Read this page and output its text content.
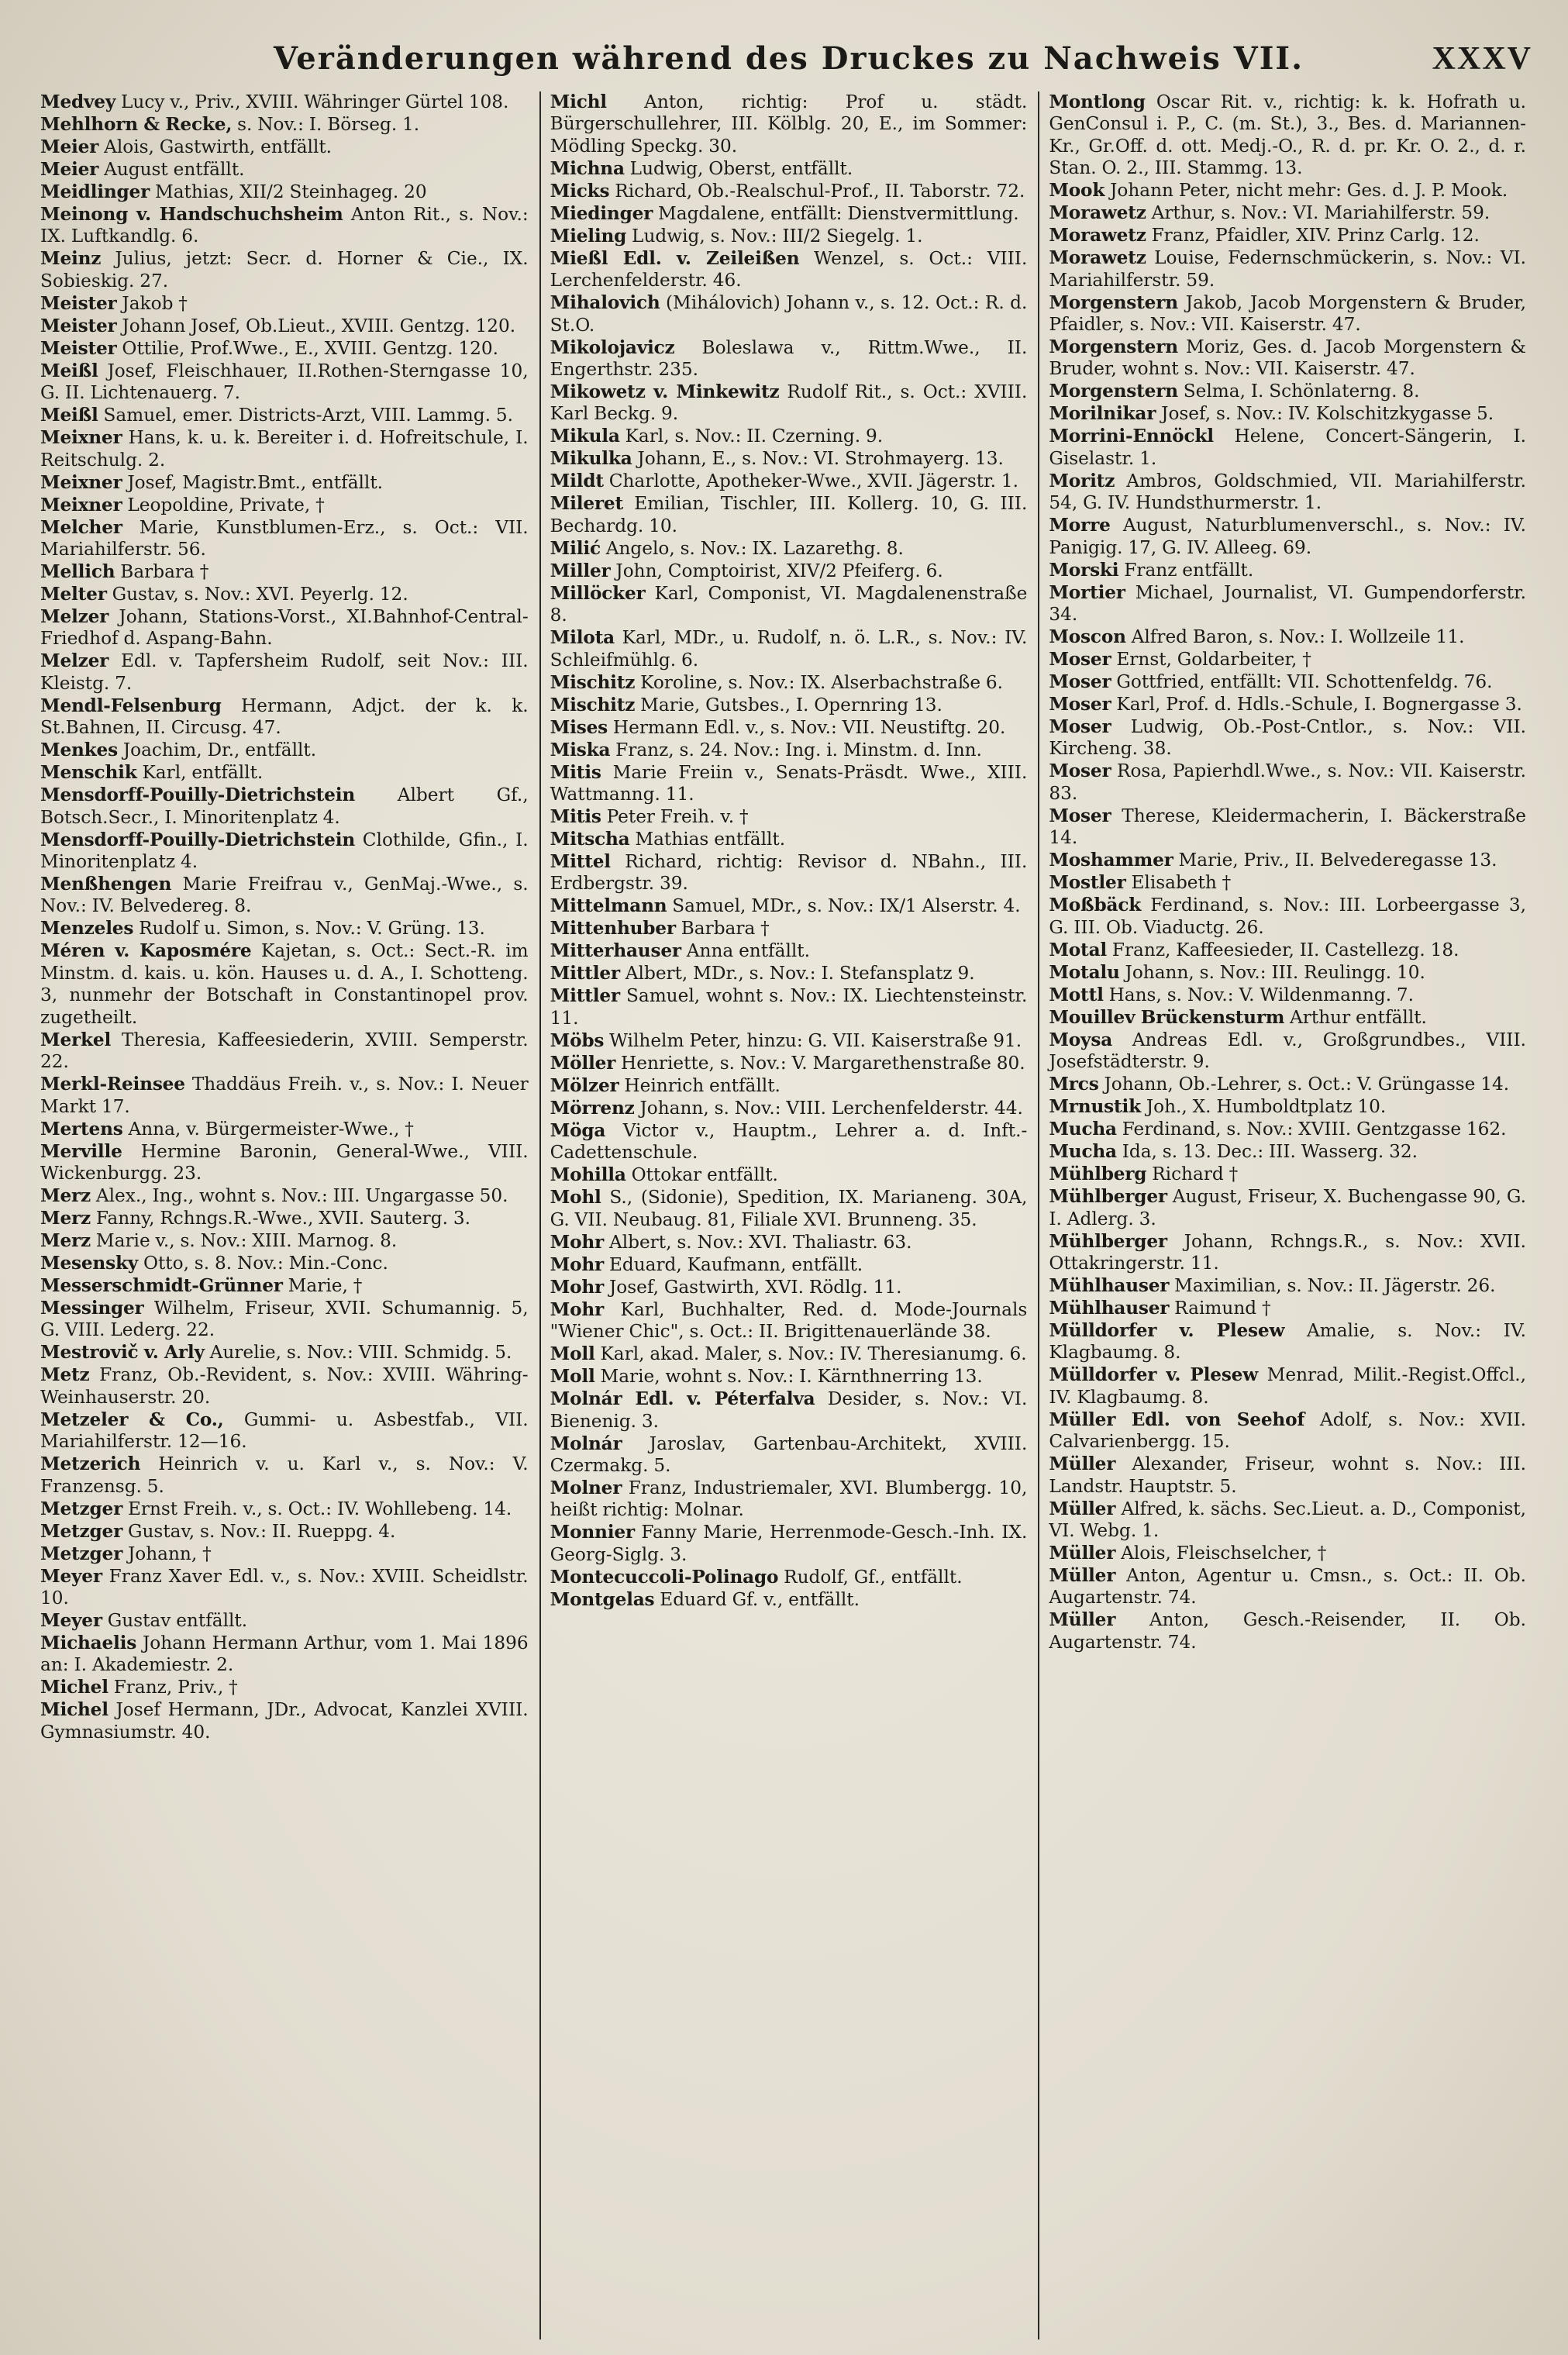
Veränderungen während des Druckes zu Nachweis VII.	XXXV
Medvey Lucy v., Priv., XVIII. Währinger Gürtel 108.
Mehlhorn & Recke, s. Nov.: I. Börseg. 1.
Meier Alois, Gastwirth, entfällt.
Meier August entfällt.
Meidlinger Mathias, XII/2 Steinhageg. 20
Meinong v. Handschuchsheim Anton Rit., s. Nov.: IX. Luftkandlg. 6.
Meinz Julius, jetzt: Secr. d. Horner & Cie., IX. Sobieskig. 27.
Meister Jakob †
Meister Johann Josef, Ob.Lieut., XVIII. Gentzg. 120.
Meister Ottilie, Prof.Wwe., E., XVIII. Gentzg. 120.
Meißl Josef, Fleischhauer, II.Rothen-Sterngasse 10, G. II. Lichtenauerg. 7.
Meißl Samuel, emer. Districts-Arzt, VIII. Lammg. 5.
Meixner Hans, k. u. k. Bereiter i. d. Hofreitschule, I. Reitschulg. 2.
Meixner Josef, Magistr.Bmt., entfällt.
Meixner Leopoldine, Private, †
Melcher Marie, Kunstblumen-Erz., s. Oct.: VII. Mariahilferstr. 56.
Mellich Barbara †
Melter Gustav, s. Nov.: XVI. Peyerlg. 12.
Melzer Johann, Stations-Vorst., XI.Bahnhof-Central-Friedhof d. Aspang-Bahn.
Melzer Edl. v. Tapfersheim Rudolf, seit Nov.: III. Kleistg. 7.
Mendl-Felsenburg Hermann, Adjct. der k. k. St.Bahnen, II. Circusg. 47.
Menkes Joachim, Dr., entfällt.
Menschik Karl, entfällt.
Mensdorff-Pouilly-Dietrichstein Albert Gf., Botsch.Secr., I. Minoritenplatz 4.
Mensdorff-Pouilly-Dietrichstein Clothilde, Gfin., I. Minoritenplatz 4.
Menßhengen Marie Freifrau v., GenMaj.-Wwe., s. Nov.: IV. Belvedereg. 8.
Menzeles Rudolf u. Simon, s. Nov.: V. Grüng. 13.
Méren v. Kaposmére Kajetan, s. Oct.: Sect.-R. im Minstm. d. kais. u. kön. Hauses u. d. A., I. Schotteng. 3, nunmehr der Botschaft in Constantinopel prov. zugetheilt.
Merkel Theresia, Kaffeesiederin, XVIII. Semperstr. 22.
Merkl-Reinsee Thaddäus Freih. v., s. Nov.: I. Neuer Markt 17.
Mertens Anna, v. Bürgermeister-Wwe., †
Merville Hermine Baronin, General-Wwe., VIII. Wickenburgg. 23.
Merz Alex., Ing., wohnt s. Nov.: III. Ungargasse 50.
Merz Fanny, Rchngs.R.-Wwe., XVII. Sauterg. 3.
Merz Marie v., s. Nov.: XIII. Marnog. 8.
Mesensky Otto, s. 8. Nov.: Min.-Conc.
Messerschmidt-Grünner Marie, †
Messinger Wilhelm, Friseur, XVII. Schumannig. 5, G. VIII. Lederg. 22.
Mestrovič v. Arly Aurelie, s. Nov.: VIII. Schmidg. 5.
Metz Franz, Ob.-Revident, s. Nov.: XVIII. Währing-Weinhauserstr. 20.
Metzeler & Co., Gummi- u. Asbestfab., VII. Mariahilferstr. 12—16.
Metzerich Heinrich v. u. Karl v., s. Nov.: V. Franzensg. 5.
Metzger Ernst Freih. v., s. Oct.: IV. Wohllebeng. 14.
Metzger Gustav, s. Nov.: II. Rueppg. 4.
Metzger Johann, †
Meyer Franz Xaver Edl. v., s. Nov.: XVIII. Scheidlstr. 10.
Meyer Gustav entfällt.
Michaelis Johann Hermann Arthur, vom 1. Mai 1896 an: I. Akademiestr. 2.
Michel Franz, Priv., †
Michel Josef Hermann, JDr., Advocat, Kanzlei XVIII. Gymnasiumstr. 40.
Michl Anton, richtig: Prof u. städt. Bürgerschullehrer, III. Kölblg. 20, E., im Sommer: Mödling Speckg. 30.
Michna Ludwig, Oberst, entfällt.
Micks Richard, Ob.-Realschul-Prof., II. Taborstr. 72.
Miedinger Magdalene, entfällt: Dienstvermittlung.
Mieling Ludwig, s. Nov.: III/2 Siegelg. 1.
Mießl Edl. v. Zeileißen Wenzel, s. Oct.: VIII. Lerchenfelderstr. 46.
Mihalovich (Mihálovich) Johann v., s. 12. Oct.: R. d. St.O.
Mikolojavicz Boleslawa v., Rittm.Wwe., II. Engerthstr. 235.
Mikowetz v. Minkewitz Rudolf Rit., s. Oct.: XVIII. Karl Beckg. 9.
Mikula Karl, s. Nov.: II. Czerning. 9.
Mikulka Johann, E., s. Nov.: VI. Strohmayerg. 13.
Mildt Charlotte, Apotheker-Wwe., XVII. Jägerstr. 1.
Mileret Emilian, Tischler, III. Kollerg. 10, G. III. Bechardg. 10.
Milić Angelo, s. Nov.: IX. Lazarethg. 8.
Miller John, Comptoirist, XIV/2 Pfeiferg. 6.
Millöcker Karl, Componist, VI. Magdalenenstraße 8.
Milota Karl, MDr., u. Rudolf, n. ö. L.R., s. Nov.: IV. Schleifmühlg. 6.
Mischitz Koroline, s. Nov.: IX. Alserbachstraße 6.
Mischitz Marie, Gutsbes., I. Opernring 13.
Mises Hermann Edl. v., s. Nov.: VII. Neustiftg. 20.
Miska Franz, s. 24. Nov.: Ing. i. Minstm. d. Inn.
Mitis Marie Freiin v., Senats-Präsdt. Wwe., XIII. Wattmanng. 11.
Mitis Peter Freih. v. †
Mitscha Mathias entfällt.
Mittel Richard, richtig: Revisor d. NBahn., III. Erdbergstr. 39.
Mittelmann Samuel, MDr., s. Nov.: IX/1 Alserstr. 4.
Mittenhuber Barbara †
Mitterhauser Anna entfällt.
Mittler Albert, MDr., s. Nov.: I. Stefansplatz 9.
Mittler Samuel, wohnt s. Nov.: IX. Liechtensteinstr. 11.
Möbs Wilhelm Peter, hinzu: G. VII. Kaiserstraße 91.
Möller Henriette, s. Nov.: V. Margarethenstraße 80.
Mölzer Heinrich entfällt.
Mörrenz Johann, s. Nov.: VIII. Lerchenfelderstr. 44.
Möga Victor v., Hauptm., Lehrer a. d. Inft.-Cadettenschule.
Mohilla Ottokar entfällt.
Mohl S., (Sidonie), Spedition, IX. Marianeng. 30A, G. VII. Neubaug. 81, Filiale XVI. Brunneng. 35.
Mohr Albert, s. Nov.: XVI. Thaliastr. 63.
Mohr Eduard, Kaufmann, entfällt.
Mohr Josef, Gastwirth, XVI. Rödlg. 11.
Mohr Karl, Buchhalter, Red. d. Mode-Journals "Wiener Chic", s. Oct.: II. Brigittenauerlände 38.
Moll Karl, akad. Maler, s. Nov.: IV. Theresianumg. 6.
Moll Marie, wohnt s. Nov.: I. Kärnthnerring 13.
Molnár Edl. v. Péterfalva Desider, s. Nov.: VI. Bienenig. 3.
Molnár Jaroslav, Gartenbau-Architekt, XVIII. Czermakg. 5.
Molner Franz, Industriemaler, XVI. Blumbergg. 10, heißt richtig: Molnar.
Monnier Fanny Marie, Herrenmode-Gesch.-Inh. IX. Georg-Siglg. 3.
Montecuccoli-Polinago Rudolf, Gf., entfällt.
Montgelas Eduard Gf. v., entfällt.
Montlong Oscar Rit. v., richtig: k. k. Hofrath u. GenConsul i. P., C. (m. St.), 3., Bes. d. Mariannen-Kr., Gr.Off. d. ott. Medj.-O., R. d. pr. Kr. O. 2., d. r. Stan. O. 2., III. Stammg. 13.
Mook Johann Peter, nicht mehr: Ges. d. J. P. Mook.
Morawetz Arthur, s. Nov.: VI. Mariahilferstr. 59.
Morawetz Franz, Pfaidler, XIV. Prinz Carlg. 12.
Morawetz Louise, Federnschmückerin, s. Nov.: VI. Mariahilferstr. 59.
Morgenstern Jakob, Jacob Morgenstern & Bruder, Pfaidler, s. Nov.: VII. Kaiserstr. 47.
Morgenstern Moriz, Ges. d. Jacob Morgenstern & Bruder, wohnt s. Nov.: VII. Kaiserstr. 47.
Morgenstern Selma, I. Schönlaterng. 8.
Morilnikar Josef, s. Nov.: IV. Kolschitzkygasse 5.
Morrini-Ennöckl Helene, Concert-Sängerin, I. Giselastr. 1.
Moritz Ambros, Goldschmied, VII. Mariahilferstr. 54, G. IV. Hundsthurmerstr. 1.
Morre August, Naturblumenverschl., s. Nov.: IV. Panigig. 17, G. IV. Alleeg. 69.
Morski Franz entfällt.
Mortier Michael, Journalist, VI. Gumpendorferstr. 34.
Moscon Alfred Baron, s. Nov.: I. Wollzeile 11.
Moser Ernst, Goldarbeiter, †
Moser Gottfried, entfällt: VII. Schottenfeldg. 76.
Moser Karl, Prof. d. Hdls.-Schule, I. Bognergasse 3.
Moser Ludwig, Ob.-Post-Cntlor., s. Nov.: VII. Kircheng. 38.
Moser Rosa, Papierhdl.Wwe., s. Nov.: VII. Kaiserstr. 83.
Moser Therese, Kleidermacherin, I. Bäckerstraße 14.
Moshammer Marie, Priv., II. Belvederegasse 13.
Mostler Elisabeth †
Moßbäck Ferdinand, s. Nov.: III. Lorbeergasse 3, G. III. Ob. Viaductg. 26.
Motal Franz, Kaffeesieder, II. Castellezg. 18.
Motalu Johann, s. Nov.: III. Reulingg. 10.
Mottl Hans, s. Nov.: V. Wildenmanng. 7.
Mouillev Brückensturm Arthur entfällt.
Moysa Andreas Edl. v., Großgrundbes., VIII. Josefstädterstr. 9.
Mrcs Johann, Ob.-Lehrer, s. Oct.: V. Grüngasse 14.
Mrnustik Joh., X. Humboldtplatz 10.
Mucha Ferdinand, s. Nov.: XVIII. Gentzgasse 162.
Mucha Ida, s. 13. Dec.: III. Wasserg. 32.
Mühlberg Richard †
Mühlberger August, Friseur, X. Buchengasse 90, G. I. Adlerg. 3.
Mühlberger Johann, Rchngs.R., s. Nov.: XVII. Ottakringerstr. 11.
Mühlhauser Maximilian, s. Nov.: II. Jägerstr. 26.
Mühlhauser Raimund †
Mülldorfer v. Plesew Amalie, s. Nov.: IV. Klagbaumg. 8.
Mülldorfer v. Plesew Menrad, Milit.-Regist.Offcl., IV. Klagbaumg. 8.
Müller Edl. von Seehof Adolf, s. Nov.: XVII. Calvarienbergg. 15.
Müller Alexander, Friseur, wohnt s. Nov.: III. Landstr. Hauptstr. 5.
Müller Alfred, k. sächs. Sec.Lieut. a. D., Componist, VI. Webg. 1.
Müller Alois, Fleischselcher, †
Müller Anton, Agentur u. Cmsn., s. Oct.: II. Ob. Augartenstr. 74.
Müller Anton, Gesch.-Reisender, II. Ob. Augartenstr. 74.
